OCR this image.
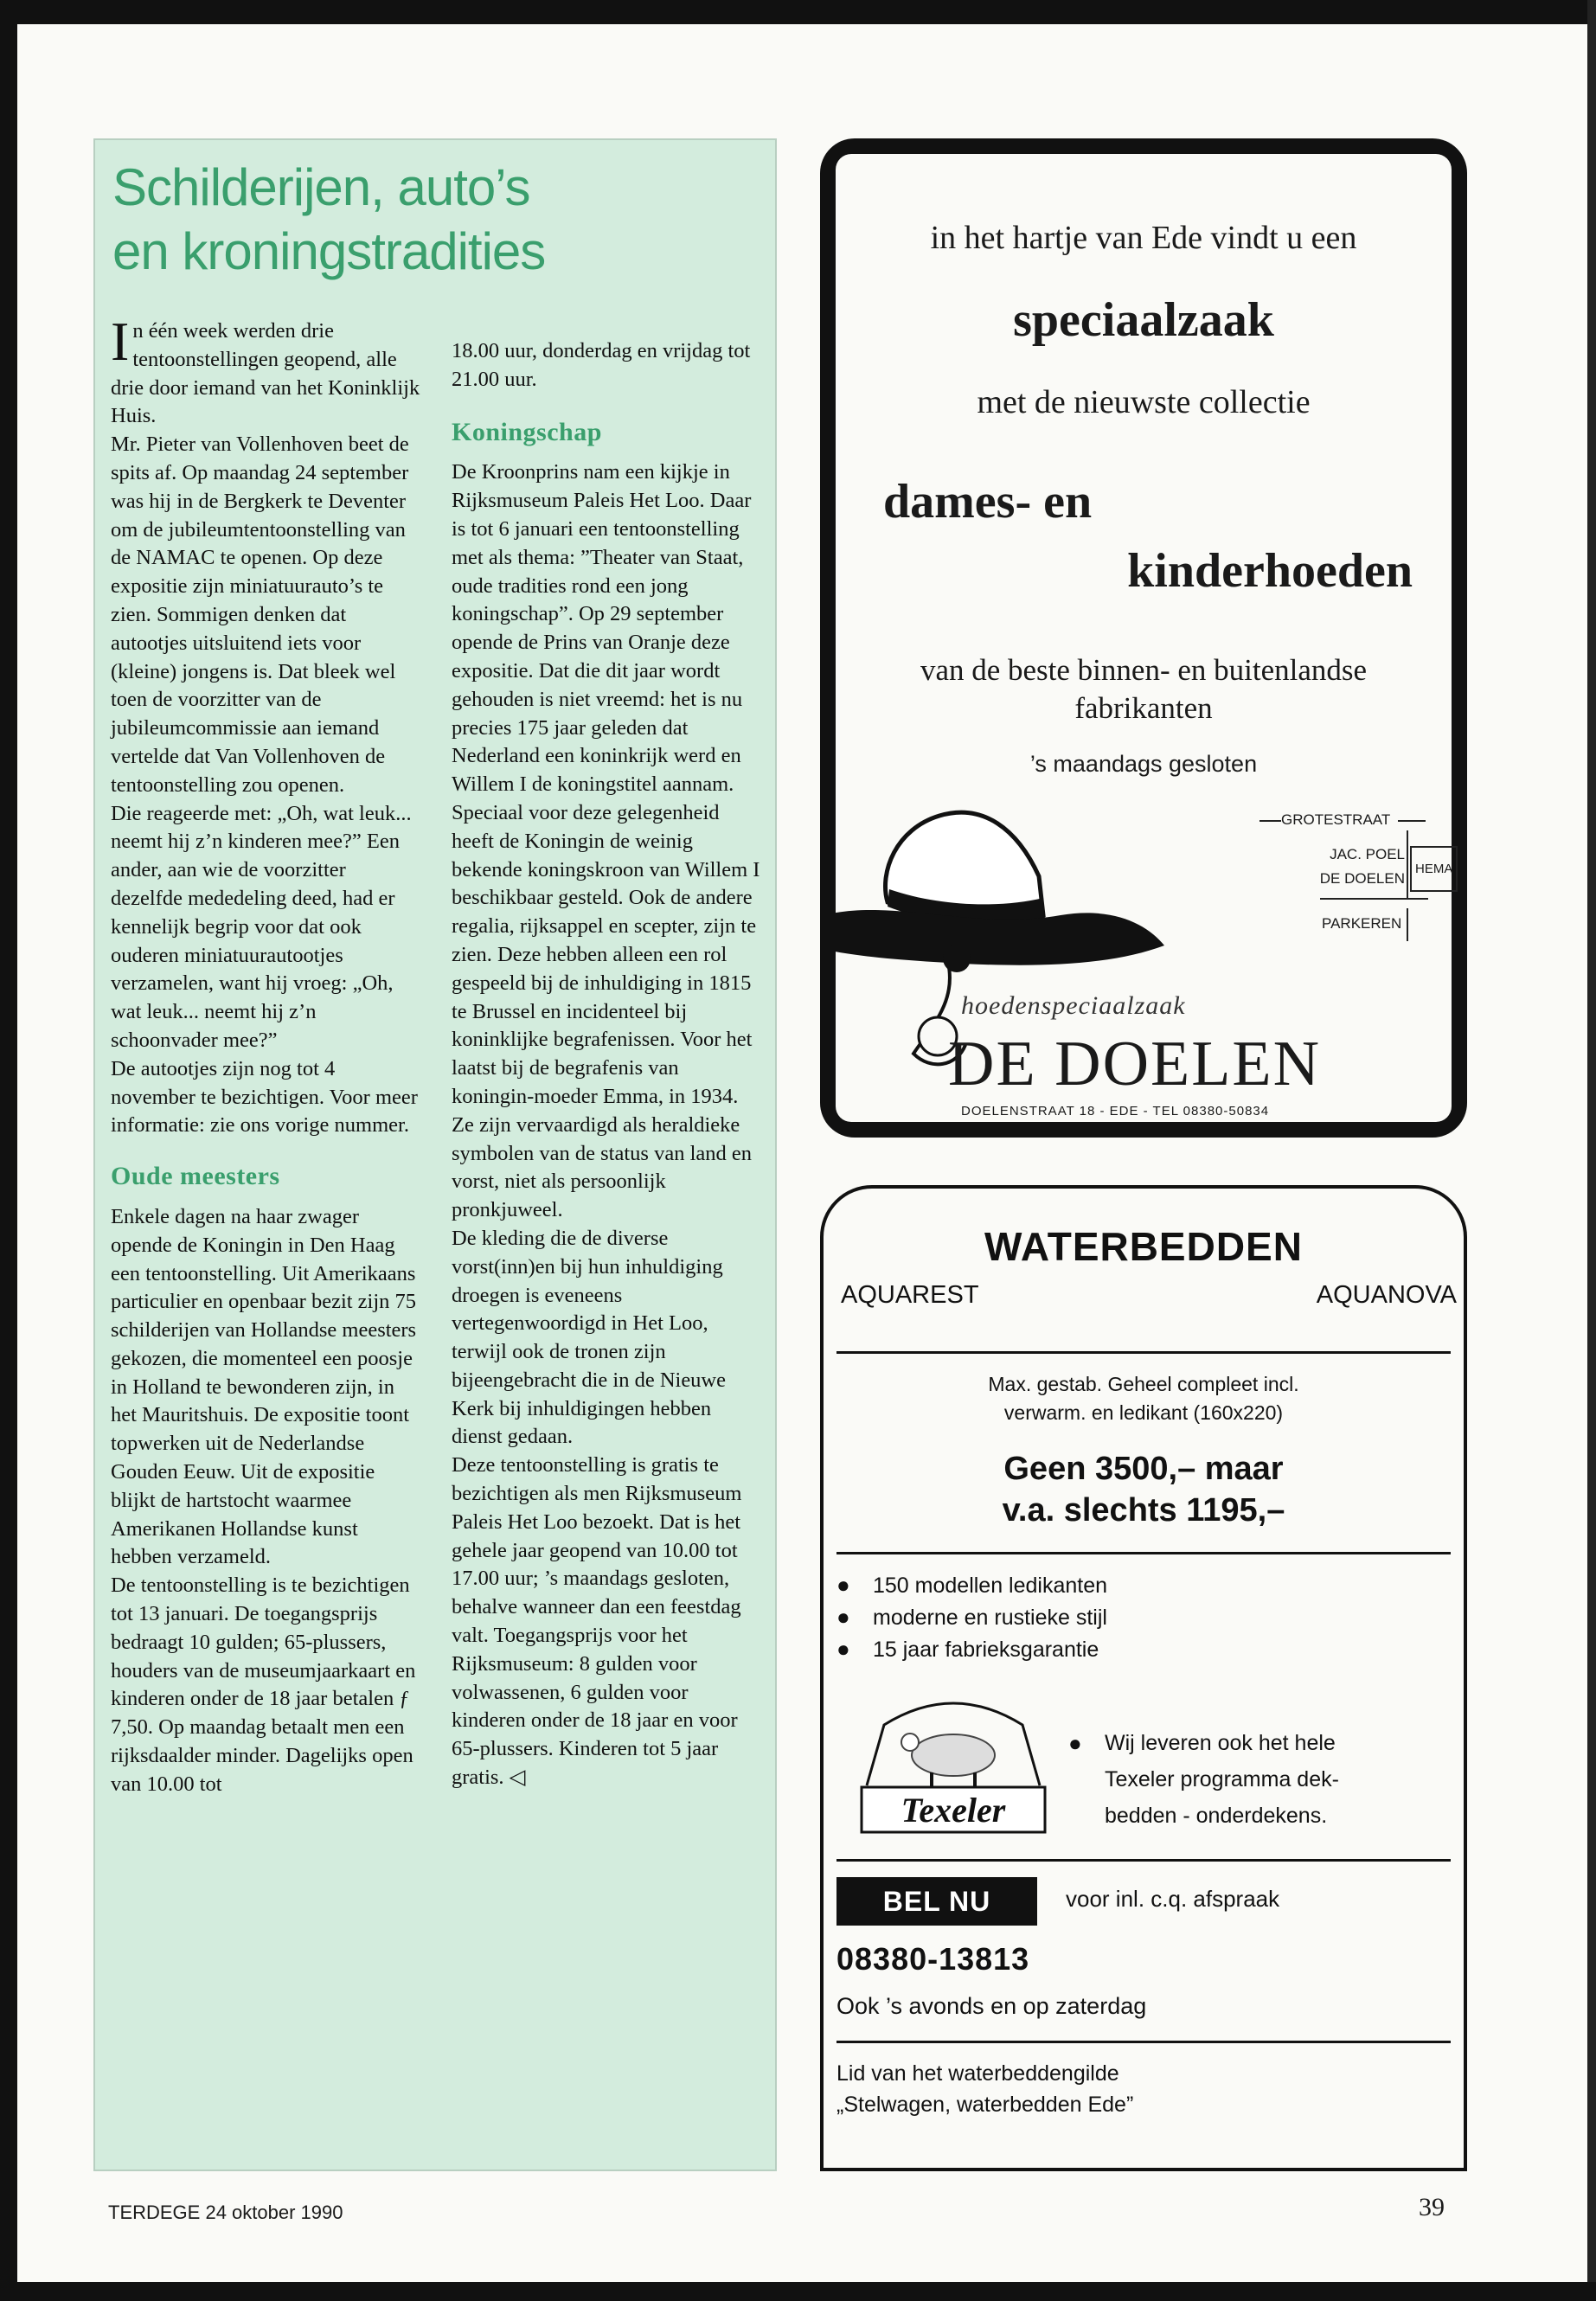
Schilderijen, auto’s
en kroningstradities

In één week werden drie tentoonstellingen geopend, alle drie door iemand van het Koninklijk Huis.

Mr. Pieter van Vollenhoven beet de spits af. Op maandag 24 september was hij in de Bergkerk te Deventer om de jubileumtentoonstelling van de NAMAC te openen. Op deze expositie zijn miniatuurauto’s te zien. Sommigen denken dat autootjes uitsluitend iets voor (kleine) jongens is. Dat bleek wel toen de voorzitter van de jubileumcommissie aan iemand vertelde dat Van Vollenhoven de tentoonstelling zou openen.

Die reageerde met: „Oh, wat leuk... neemt hij z’n kinderen mee?” Een ander, aan wie de voorzitter dezelfde mededeling deed, had er kennelijk begrip voor dat ook ouderen miniatuurautootjes verzamelen, want hij vroeg: „Oh, wat leuk... neemt hij z’n schoonvader mee?”

De autootjes zijn nog tot 4 november te bezichtigen. Voor meer informatie: zie ons vorige nummer.

Oude meesters

Enkele dagen na haar zwager opende de Koningin in Den Haag een tentoonstelling. Uit Amerikaans particulier en openbaar bezit zijn 75 schilderijen van Hollandse meesters gekozen, die momenteel een poosje in Holland te bewonderen zijn, in het Mauritshuis. De expositie toont topwerken uit de Nederlandse Gouden Eeuw. Uit de expositie blijkt de hartstocht waarmee Amerikanen Hollandse kunst hebben verzameld.

De tentoonstelling is te bezichtigen tot 13 januari. De toegangsprijs bedraagt 10 gulden; 65-plussers, houders van de museumjaarkaart en kinderen onder de 18 jaar betalen ƒ 7,50. Op maandag betaalt men een rijksdaalder minder. Dagelijks open van 10.00 tot

18.00 uur, donderdag en vrijdag tot 21.00 uur.

Koningschap

De Kroonprins nam een kijkje in Rijksmuseum Paleis Het Loo. Daar is tot 6 januari een tentoonstelling met als thema: ”Theater van Staat, oude tradities rond een jong koningschap”. Op 29 september opende de Prins van Oranje deze expositie. Dat die dit jaar wordt gehouden is niet vreemd: het is nu precies 175 jaar geleden dat Nederland een koninkrijk werd en Willem I de koningstitel aannam.

Speciaal voor deze gelegenheid heeft de Koningin de weinig bekende koningskroon van Willem I beschikbaar gesteld. Ook de andere regalia, rijksappel en scepter, zijn te zien. Deze hebben alleen een rol gespeeld bij de inhuldiging in 1815 te Brussel en incidenteel bij koninklijke begrafenissen. Voor het laatst bij de begrafenis van koningin-moeder Emma, in 1934. Ze zijn vervaardigd als heraldieke symbolen van de status van land en vorst, niet als persoonlijk pronkjuweel.

De kleding die de diverse vorst(inn)en bij hun inhuldiging droegen is eveneens vertegenwoordigd in Het Loo, terwijl ook de tronen zijn bijeengebracht die in de Nieuwe Kerk bij inhuldigingen hebben dienst gedaan.

Deze tentoonstelling is gratis te bezichtigen als men Rijksmuseum Paleis Het Loo bezoekt. Dat is het gehele jaar geopend van 10.00 tot 17.00 uur; ’s maandags gesloten, behalve wanneer dan een feestdag valt. Toegangsprijs voor het Rijksmuseum: 8 gulden voor volwassenen, 6 gulden voor kinderen onder de 18 jaar en voor 65-plussers. Kinderen tot 5 jaar gratis. ◁

in het hartje van Ede vindt u een
speciaalzaak
met de nieuwste collectie
dames- en
kinderhoeden
van de beste binnen- en buitenlandse fabrikanten
’s maandags gesloten
GROTESTRAAT
JAC. POEL
DE DOELEN
HEMA
PARKEREN
hoedenspeciaalzaak
DE DOELEN
DOELENSTRAAT 18 - EDE - TEL 08380-50834
WATERBEDDEN
AQUAREST	AQUANOVA
Max. gestab. Geheel compleet incl.
verwarm. en ledikant (160x220)
Geen 3500,– maar
v.a. slechts 1195,–
● 150 modellen ledikanten
● moderne en rustieke stijl
● 15 jaar fabrieksgarantie
Texeler
● Wij leveren ook het hele
Texeler programma dek-
bedden - onderdekens.
BEL NU	voor inl. c.q. afspraak
08380-13813
Ook ’s avonds en op zaterdag
Lid van het waterbeddengilde
„Stelwagen, waterbedden Ede”
TERDEGE 24 oktober 1990	39
